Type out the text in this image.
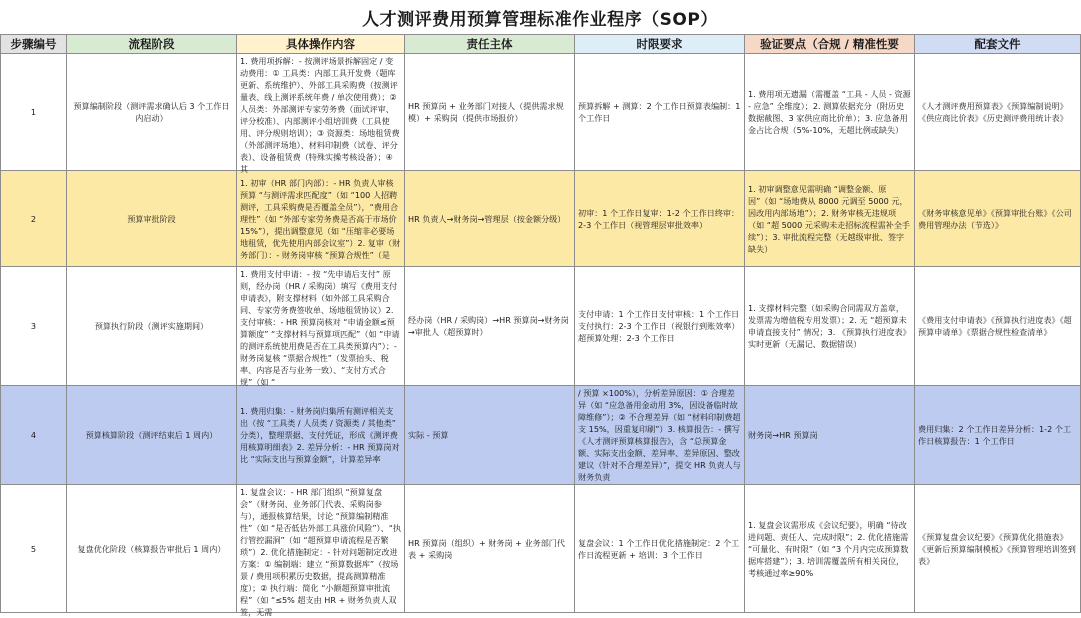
人才测评费用预算管理标准作业程序（SOP）
步骤编号	流程阶段	具体操作内容	责任主体	时限要求	验证要点（合规 / 精准性要	配套文件
1	预算编制阶段（测评需求确认后 3 个工作日内启动）	1. 费用项拆解：- 按测评场景拆解固定 / 变动费用：① 工具类：内部工具开发费（题库更新、系统维护）、外部工具采购费（按测评量表、线上测评系统年费 / 单次使用费）；② 人员类：外部测评专家劳务费（面试评审、评分校准）、内部测评小组培训费（工具使用、评分规则培训）；③ 资源类：场地租赁费（外部测评场地）、材料印制费（试卷、评分表）、设备租赁费（特殊实操考核设备）；④ 其	HR 预算岗 + 业务部门对接人（提供需求规模）+ 采购岗（提供市场报价）	预算拆解 + 测算：2 个工作日预算表编制：1 个工作日	1. 费用项无遗漏（需覆盖 “工具 - 人员 - 资源 - 应急” 全维度）；2. 测算依据充分（附历史数据截图、3 家供应商比价单）；3. 应急备用金占比合规（5%-10%，无超比例或缺失）	《人才测评费用预算表》《预算编制说明》《供应商比价表》《历史测评费用统计表》

2	预算审批阶段	1. 初审（HR 部门内部）：- HR 负责人审核预算 “与测评需求匹配度”（如 “100 人招聘测评，工具采购费是否覆盖全员”），“费用合理性”（如 “外部专家劳务费是否高于市场价 15%”），提出调整意见（如 “压缩非必要场地租赁，优先使用内部会议室”）2. 复审（财务部门）：- 财务岗审核 “预算合规性”（是	HR 负责人→财务岗→管理层（按金额分级）	初审：1 个工作日复审：1-2 个工作日终审：2-3 个工作日（视管理层审批效率）	1. 初审调整意见需明确 “调整金额、原因”（如 “场地费从 8000 元调至 5000 元，因改用内部场地”）；2. 财务审核无违规项（如 “超 5000 元采购未走招标流程需补全手续”）；3. 审批流程完整（无越级审批、签字缺失）	《财务审核意见单》《预算审批台账》《公司费用管理办法（节选）》

3	预算执行阶段（测评实施期间）	1. 费用支付申请：- 按 “先申请后支付” 原则，经办岗（HR / 采购岗）填写《费用支付申请表》，附支撑材料（如外部工具采购合同、专家劳务费签收单、场地租赁协议）2. 支付审核：- HR 预算岗核对 “申请金额≤预算额度” “支撑材料与预算项匹配”（如 “申请的测评系统使用费是否在工具类预算内”）；- 财务岗复核 “票据合规性”（发票抬头、税率、内容是否与业务一致）、“支付方式合规”（如 “	经办岗（HR / 采购岗）→HR 预算岗→财务岗→审批人（超预算时）	支付申请：1 个工作日支付审核：1 个工作日支付执行：2-3 个工作日（视银行到账效率）超预算处理：2-3 个工作日	1. 支撑材料完整（如采购合同需双方盖章，发票需为增值税专用发票）；2. 无 “超预算未申请直接支付” 情况；3. 《预算执行进度表》实时更新（无漏记、数据错误）	《费用支付申请表》《预算执行进度表》《超预算申请单》《票据合规性检查清单》

4	预算核算阶段（测评结束后 1 周内）	1. 费用归集：- 财务岗归集所有测评相关支出（按 “工具类 / 人员类 / 资源类 / 其他类” 分类），整理票据、支付凭证，形成《测评费用核算明细表》2. 差异分析：- HR 预算岗对比 “实际支出与预算金额”，计算差异率	实际 - 预算	/ 预算 ×100%），分析差异原因：① 合理差异（如 “应急备用金动用 3%，因设备临时故障维修”）；② 不合理差异（如 “材料印制费超支 15%，因重复印刷”）3. 核算报告：- 撰写《人才测评预算核算报告》，含 “总预算金额、实际支出金额、差异率、差异原因、整改建议（针对不合理差异）”，提交 HR 负责人与财务负责	财务岗→HR 预算岗	费用归集：2 个工作日差异分析：1-2 个工作日核算报告：1 个工作日

5	复盘优化阶段（核算报告审批后 1 周内）	1. 复盘会议：- HR 部门组织 “预算复盘会”（财务岗、业务部门代表、采购岗参与），通报核算结果，讨论 “预算编制精准性”（如 “是否低估外部工具涨价风险”）、“执行管控漏洞”（如 “超预算申请流程是否繁琐”）2. 优化措施制定：- 针对问题制定改进方案：① 编制端：建立 “预算数据库”（按场景 / 费用项积累历史数据，提高测算精准度）；② 执行端：简化 “小额超预算审批流程”（如 “≤5% 超支由 HR + 财务负责人双签，无需	HR 预算岗（组织）+ 财务岗 + 业务部门代表 + 采购岗	复盘会议：1 个工作日优化措施制定：2 个工作日流程更新 + 培训：3 个工作日	1. 复盘会议需形成《会议纪要》，明确 “待改进问题、责任人、完成时限”；2. 优化措施需 “可量化、有时限”（如 “3 个月内完成预算数据库搭建”）；3. 培训需覆盖所有相关岗位，考核通过率≥90%	《预算复盘会议纪要》《预算优化措施表》《更新后预算编制模板》《预算管理培训签到表》
